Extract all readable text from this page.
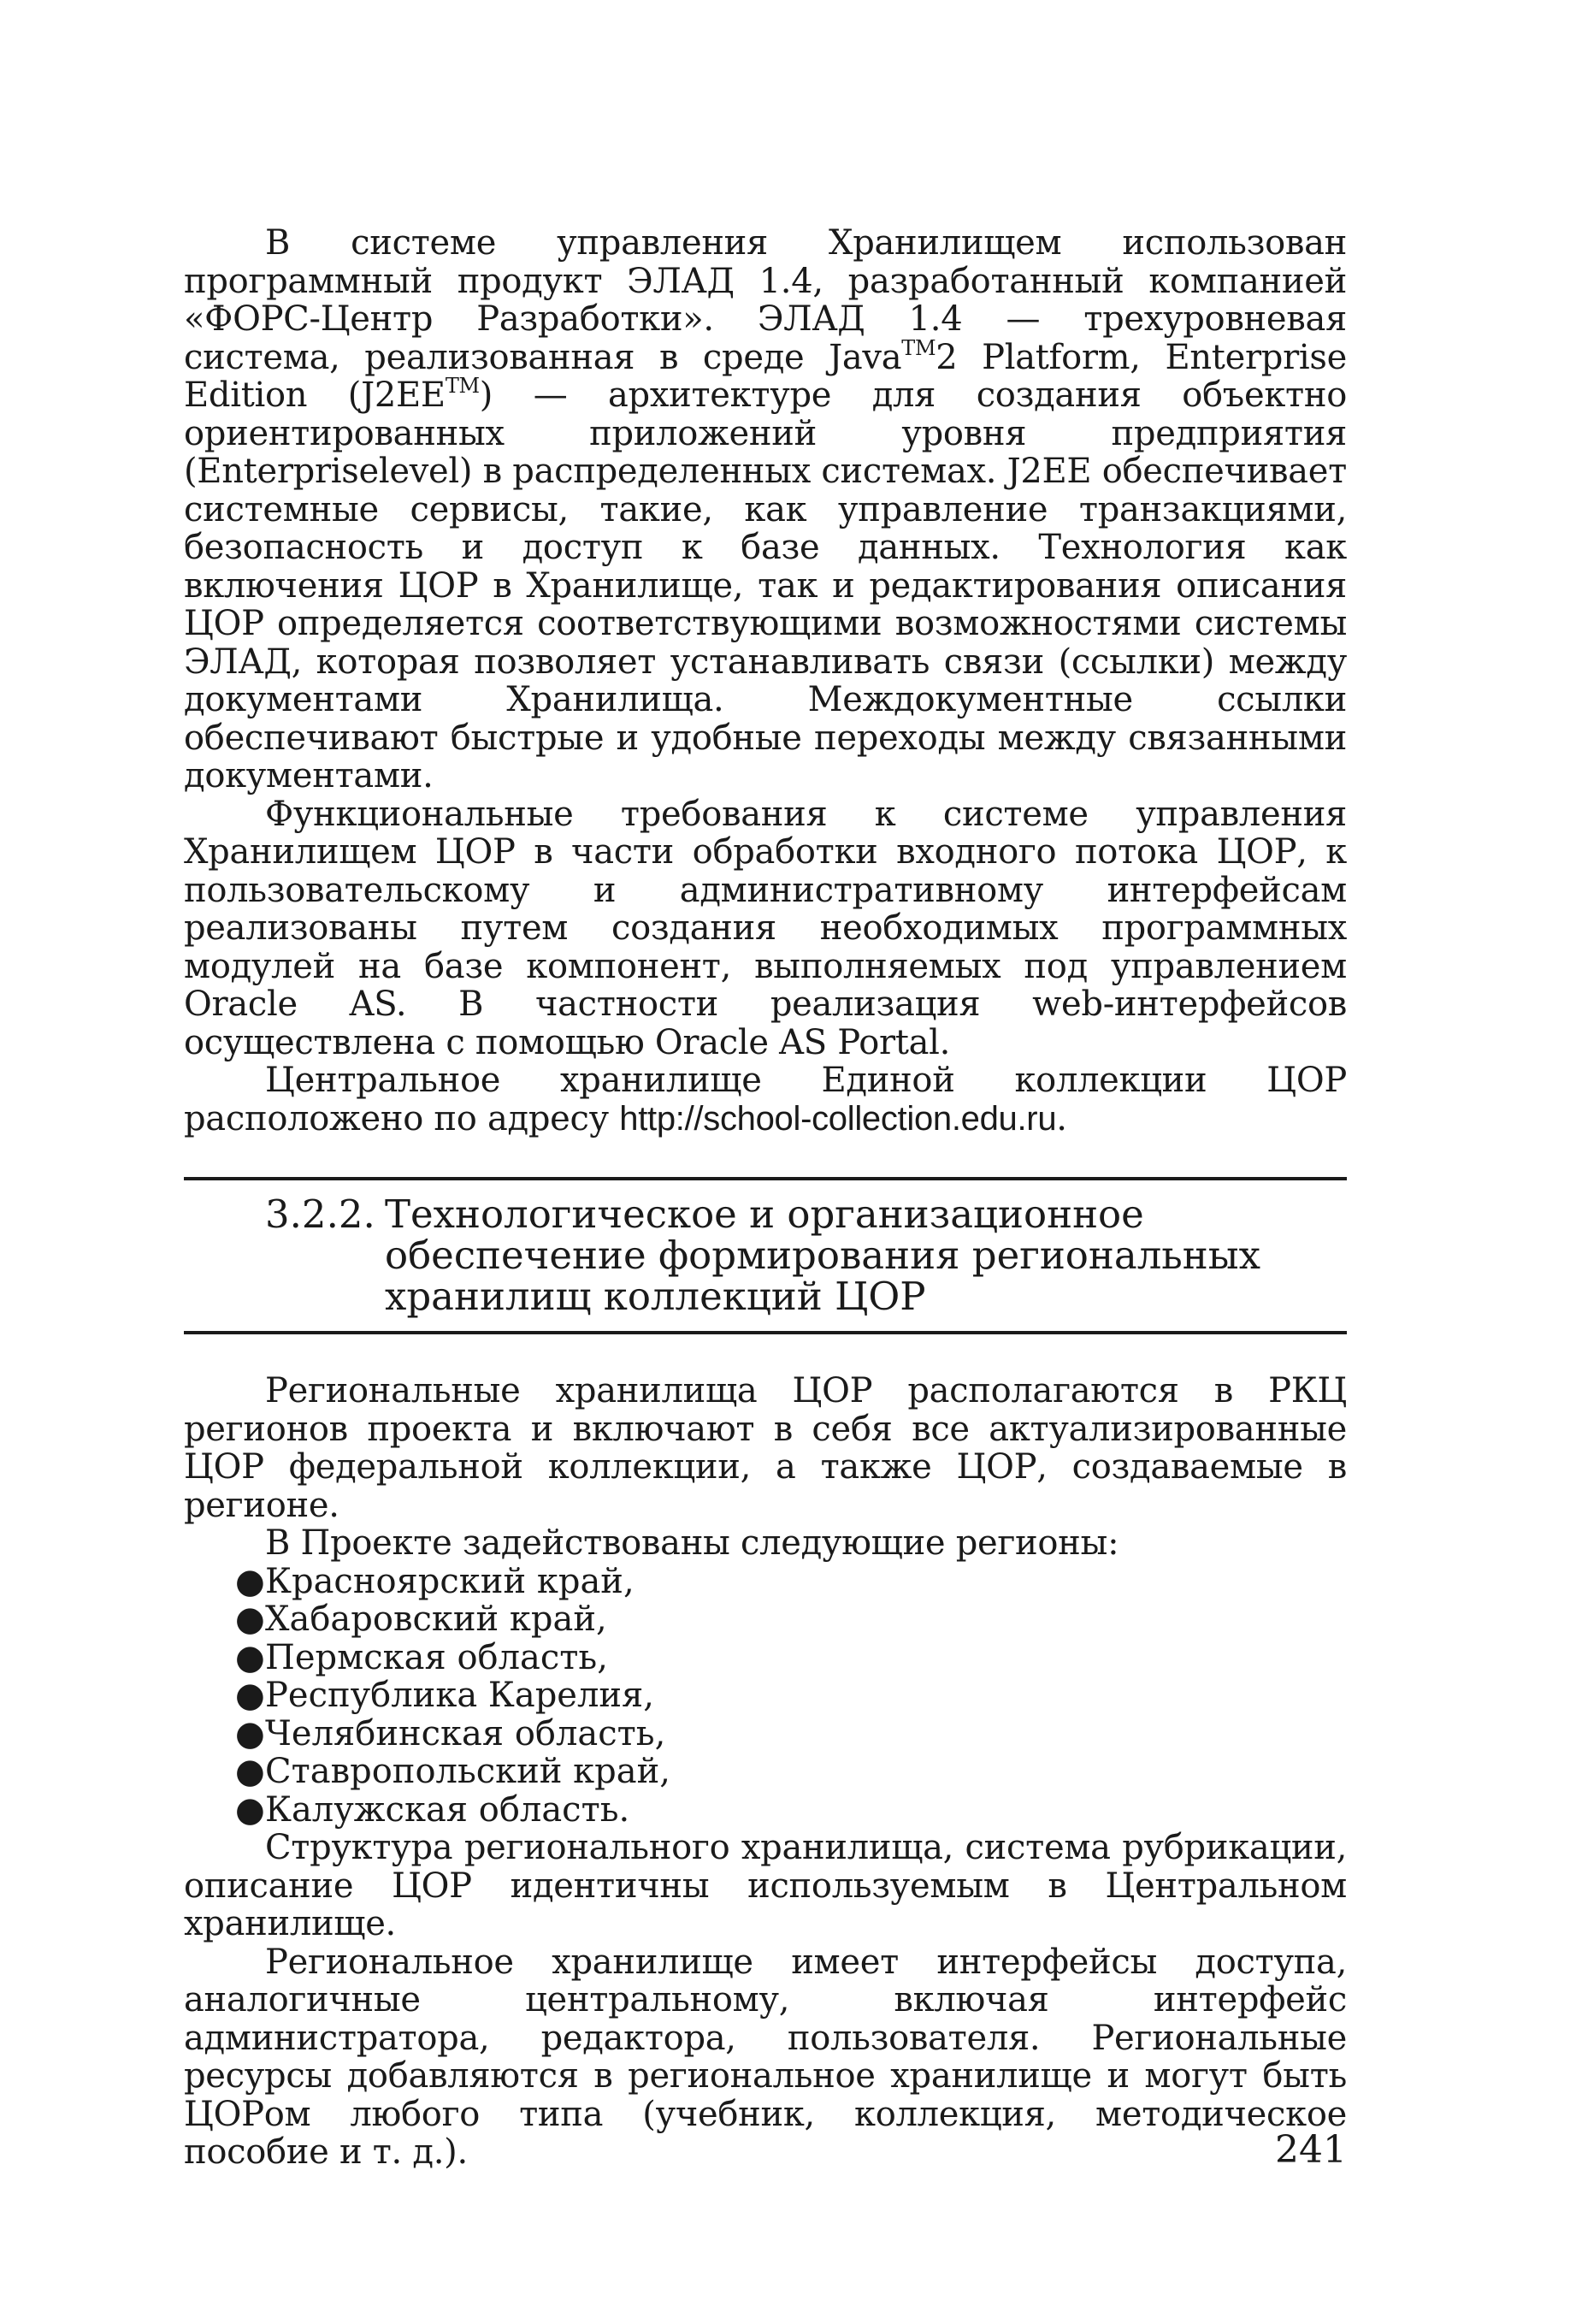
В системе управления Хранилищем использован программный продукт ЭЛАД 1.4, разработанный компанией «ФОРС-Центр Разработки». ЭЛАД 1.4 — трехуровневая система, реализованная в среде Java™2 Platform, Enterprise Edition (J2EE™) — архитектуре для создания объектно ориентированных приложений уровня предприятия (Enterpriselevel) в распределенных системах. J2EE обеспечивает системные сервисы, такие, как управление транзакциями, безопасность и доступ к базе данных. Технология как включения ЦОР в Хранилище, так и редактирования описания ЦОР определяется соответствующими возможностями системы ЭЛАД, которая позволяет устанавливать связи (ссылки) между документами Хранилища. Междокументные ссылки обеспечивают быстрые и удобные переходы между связанными документами.

Функциональные требования к системе управления Хранилищем ЦОР в части обработки входного потока ЦОР, к пользовательскому и административному интерфейсам реализованы путем создания необходимых программных модулей на базе компонент, выполняемых под управлением Oracle AS. В частности реализация web-интерфейсов осуществлена с помощью Oracle AS Portal.

Центральное хранилище Единой коллекции ЦОР расположено по адресу http://school-collection.edu.ru.

3.2.2. Технологическое и организационное обеспечение формирования региональных хранилищ коллекций ЦОР

Региональные хранилища ЦОР располагаются в РКЦ регионов проекта и включают в себя все актуализированные ЦОР федеральной коллекции, а также ЦОР, создаваемые в регионе.

В Проекте задействованы следующие регионы:

● Красноярский край,
● Хабаровский край,
● Пермская область,
● Республика Карелия,
● Челябинская область,
● Ставропольский край,
● Калужская область.

Структура регионального хранилища, система рубрикации, описание ЦОР идентичны используемым в Центральном хранилище.

Региональное хранилище имеет интерфейсы доступа, аналогичные центральному, включая интерфейс администратора, редактора, пользователя. Региональные ресурсы добавляются в региональное хранилище и могут быть ЦОРом любого типа (учебник, коллекция, методическое пособие и т. д.).	241
